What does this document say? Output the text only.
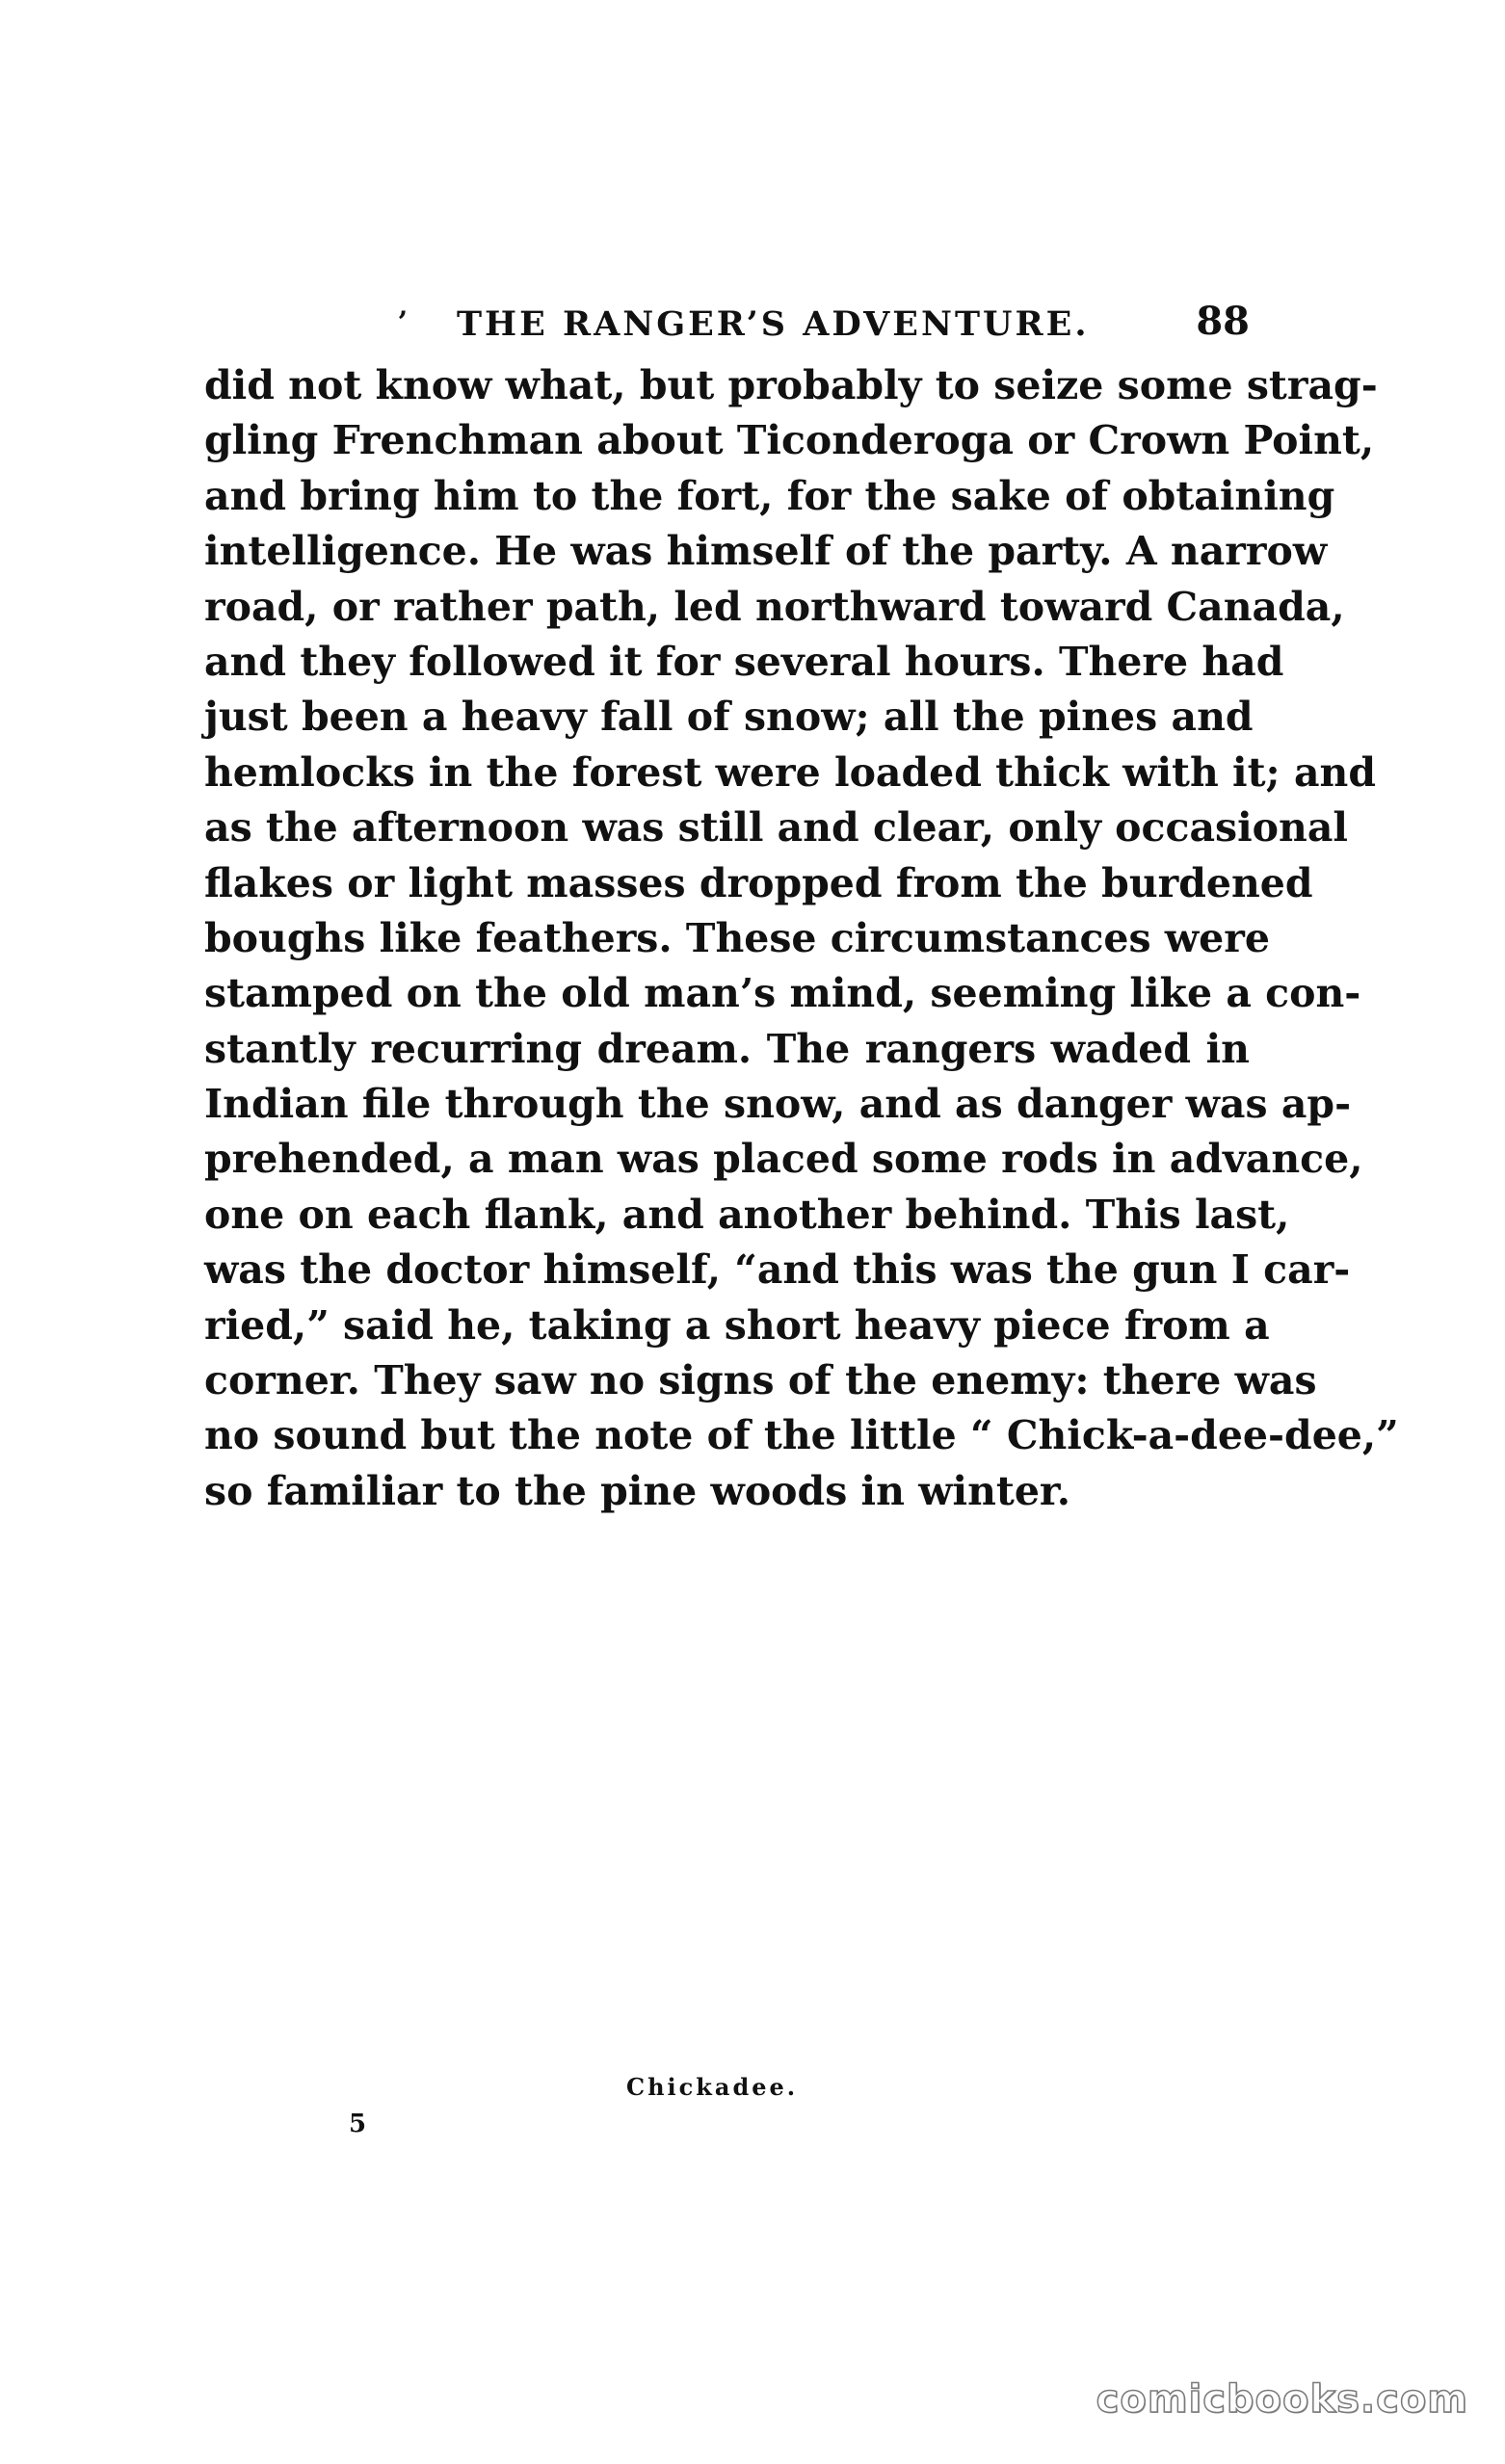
ʼ THE RANGER’S ADVENTURE.	88
did not know what, but probably to seize some strag-
gling Frenchman about Ticonderoga or Crown Point,
and bring him to the fort, for the sake of obtaining
intelligence. He was himself of the party. A narrow
road, or rather path, led northward toward Canada,
and they followed it for several hours. There had
just been a heavy fall of snow; all the pines and
hemlocks in the forest were loaded thick with it; and
as the afternoon was still and clear, only occasional
flakes or light masses dropped from the burdened
boughs like feathers. These circumstances were
stamped on the old man’s mind, seeming like a con-
stantly recurring dream. The rangers waded in
Indian file through the snow, and as danger was ap-
prehended, a man was placed some rods in advance,
one on each flank, and another behind. This last,
was the doctor himself, “and this was the gun I car-
ried,” said he, taking a short heavy piece from a
corner. They saw no signs of the enemy: there was
no sound but the note of the little “ Chick-a-dee-dee,”
so familiar to the pine woods in winter.
Chickadee.
5
comicbooks.com
